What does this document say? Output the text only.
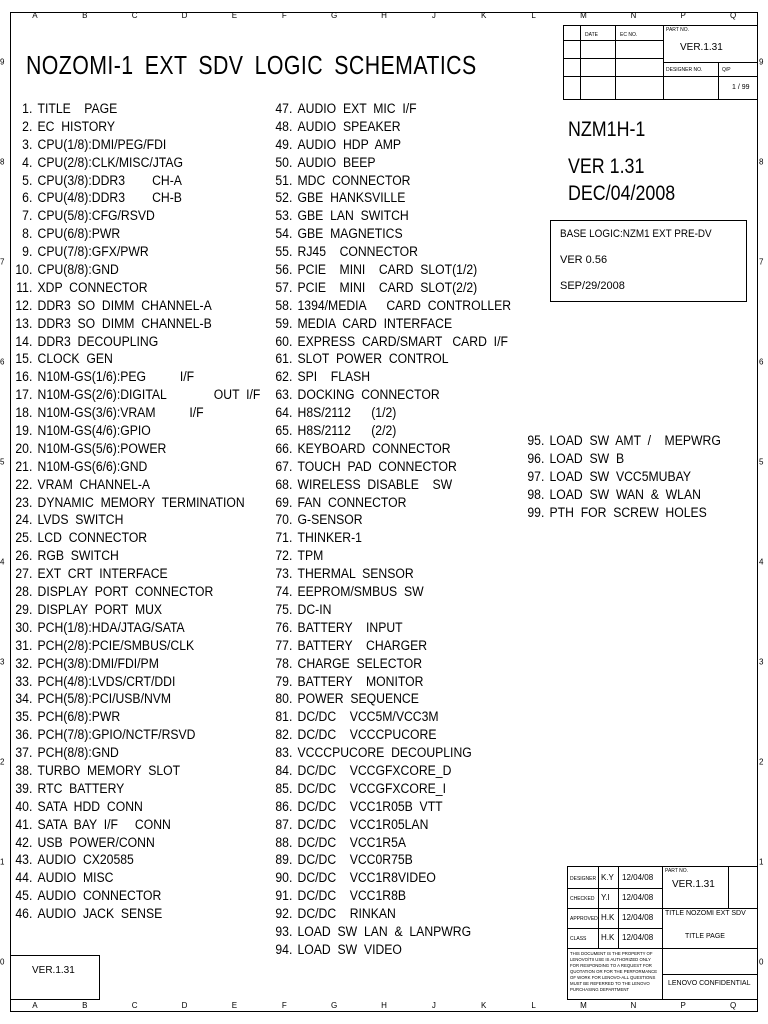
A	B	C	D	E	F	G	H	J	K	L	M	N	P	Q
A	B	C	D	E	F	G	H	J	K	L	M	N	P	Q
9
8
7
6
5
4
3
2
1
0
9
8
7
6
5
4
3
2
1
0
NOZOMI-1 EXT SDV LOGIC SCHEMATICS
1. TITLE    PAGE
2. EC  HISTORY
3. CPU(1/8):DMI/PEG/FDI
4. CPU(2/8):CLK/MISC/JTAG
5. CPU(3/8):DDR3        CH-A
6. CPU(4/8):DDR3        CH-B
7. CPU(5/8):CFG/RSVD
8. CPU(6/8):PWR
9. CPU(7/8):GFX/PWR
10. CPU(8/8):GND
11. XDP  CONNECTOR
12. DDR3  SO  DIMM  CHANNEL-A
13. DDR3  SO  DIMM  CHANNEL-B
14. DDR3  DECOUPLING
15. CLOCK  GEN
16. N10M-GS(1/6):PEG          I/F
17. N10M-GS(2/6):DIGITAL              OUT  I/F
18. N10M-GS(3/6):VRAM          I/F
19. N10M-GS(4/6):GPIO
20. N10M-GS(5/6):POWER
21. N10M-GS(6/6):GND
22. VRAM  CHANNEL-A
23. DYNAMIC  MEMORY  TERMINATION
24. LVDS  SWITCH
25. LCD  CONNECTOR
26. RGB  SWITCH
27. EXT  CRT  INTERFACE
28. DISPLAY  PORT  CONNECTOR
29. DISPLAY  PORT  MUX
30. PCH(1/8):HDA/JTAG/SATA
31. PCH(2/8):PCIE/SMBUS/CLK
32. PCH(3/8):DMI/FDI/PM
33. PCH(4/8):LVDS/CRT/DDI
34. PCH(5/8):PCI/USB/NVM
35. PCH(6/8):PWR
36. PCH(7/8):GPIO/NCTF/RSVD
37. PCH(8/8):GND
38. TURBO  MEMORY  SLOT
39. RTC  BATTERY
40. SATA  HDD  CONN
41. SATA  BAY  I/F     CONN
42. USB  POWER/CONN
43. AUDIO  CX20585
44. AUDIO  MISC
45. AUDIO  CONNECTOR
46. AUDIO  JACK  SENSE
47. AUDIO  EXT  MIC  I/F
48. AUDIO  SPEAKER
49. AUDIO  HDP  AMP
50. AUDIO  BEEP
51. MDC  CONNECTOR
52. GBE  HANKSVILLE
53. GBE  LAN  SWITCH
54. GBE  MAGNETICS
55. RJ45    CONNECTOR
56. PCIE    MINI    CARD  SLOT(1/2)
57. PCIE    MINI    CARD  SLOT(2/2)
58. 1394/MEDIA      CARD  CONTROLLER
59. MEDIA  CARD  INTERFACE
60. EXPRESS  CARD/SMART   CARD  I/F
61. SLOT  POWER  CONTROL
62. SPI    FLASH
63. DOCKING  CONNECTOR
64. H8S/2112      (1/2)
65. H8S/2112      (2/2)
66. KEYBOARD  CONNECTOR
67. TOUCH  PAD  CONNECTOR
68. WIRELESS  DISABLE    SW
69. FAN  CONNECTOR
70. G-SENSOR
71. THINKER-1
72. TPM
73. THERMAL  SENSOR
74. EEPROM/SMBUS  SW
75. DC-IN
76. BATTERY    INPUT
77. BATTERY    CHARGER
78. CHARGE  SELECTOR
79. BATTERY    MONITOR
80. POWER  SEQUENCE
81. DC/DC    VCC5M/VCC3M
82. DC/DC    VCCCPUCORE
83. VCCCPUCORE  DECOUPLING
84. DC/DC    VCCGFXCORE_D
85. DC/DC    VCCGFXCORE_I
86. DC/DC    VCC1R05B  VTT
87. DC/DC    VCC1R05LAN
88. DC/DC    VCC1R5A
89. DC/DC    VCC0R75B
90. DC/DC    VCC1R8VIDEO
91. DC/DC    VCC1R8B
92. DC/DC    RINKAN
93. LOAD  SW  LAN  &  LANPWRG
94. LOAD  SW  VIDEO
95. LOAD  SW  AMT  /    MEPWRG
96. LOAD  SW  B
97. LOAD  SW  VCC5MUBAY
98. LOAD  SW  WAN  &  WLAN
99. PTH  FOR  SCREW  HOLES
DATE	EC NO.
PART NO.
VER.1.31
DESIGNER NO.	Q/P
1 / 99
NZM1H-1
VER 1.31
DEC/04/2008
BASE LOGIC:NZM1 EXT PRE-DV
VER 0.56
SEP/29/2008
VER.1.31
DESIGNER K.Y 12/04/08
CHECKED Y.I 12/04/08
APPROVED H.K 12/04/08
CLASS H.K 12/04/08
PART NO.
VER.1.31
TITLE NOZOMI EXT SDV
TITLE PAGE
THIS DOCUMENT IS THE PROPERTY OF LENOVO/TII USE IS AUTHORIZED ONLY FOR RESPONDING TO A REQUEST FOR QUOTATION OR FOR THE PERFORMANCE OF WORK FOR LENOVO-ALL QUESTIONS MUST BE REFERRED TO THE LENOVO PURCHASING DEPARTMENT
LENOVO CONFIDENTIAL
